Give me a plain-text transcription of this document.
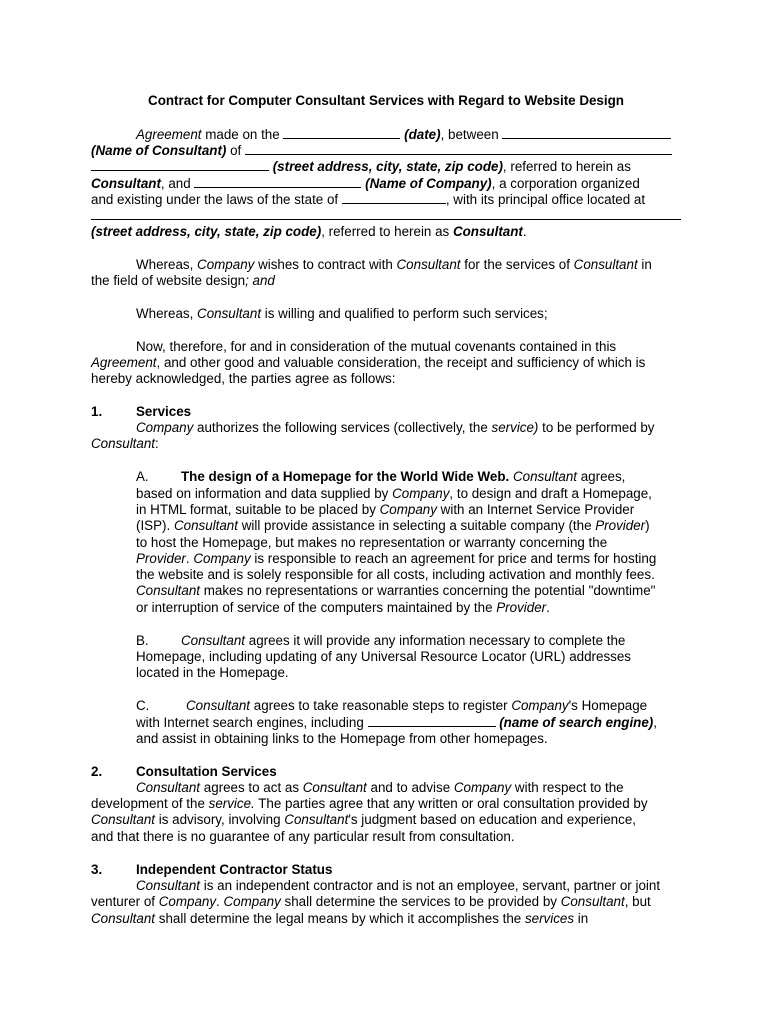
Contract for Computer Consultant Services with Regard to Website Design
Agreement made on the	(date), between
(Name of Consultant) of
(street address, city, state, zip code), referred to herein as
Consultant, and	(Name of Company), a corporation organized
and existing under the laws of the state of	, with its principal office located at
(street address, city, state, zip code), referred to herein as Consultant.
Whereas, Company wishes to contract with Consultant for the services of Consultant in
the field of website design; and
Whereas, Consultant is willing and qualified to perform such services;
Now, therefore, for and in consideration of the mutual covenants contained in this
Agreement, and other good and valuable consideration, the receipt and sufficiency of which is
hereby acknowledged, the parties agree as follows:
1.	Services
Company authorizes the following services (collectively, the service) to be performed by
Consultant:
A. The design of a Homepage for the World Wide Web. Consultant agrees,
based on information and data supplied by Company, to design and draft a Homepage,
in HTML format, suitable to be placed by Company with an Internet Service Provider
(ISP). Consultant will provide assistance in selecting a suitable company (the Provider)
to host the Homepage, but makes no representation or warranty concerning the
Provider. Company is responsible to reach an agreement for price and terms for hosting
the website and is solely responsible for all costs, including activation and monthly fees.
Consultant makes no representations or warranties concerning the potential "downtime"
or interruption of service of the computers maintained by the Provider.
B. Consultant agrees it will provide any information necessary to complete the
Homepage, including updating of any Universal Resource Locator (URL) addresses
located in the Homepage.
C.	Consultant agrees to take reasonable steps to register Company's Homepage
with Internet search engines, including	(name of search engine),
and assist in obtaining links to the Homepage from other homepages.
2.	Consultation Services
Consultant agrees to act as Consultant and to advise Company with respect to the
development of the service. The parties agree that any written or oral consultation provided by
Consultant is advisory, involving Consultant's judgment based on education and experience,
and that there is no guarantee of any particular result from consultation.
3.	Independent Contractor Status
Consultant is an independent contractor and is not an employee, servant, partner or joint
venturer of Company. Company shall determine the services to be provided by Consultant, but
Consultant shall determine the legal means by which it accomplishes the services in
